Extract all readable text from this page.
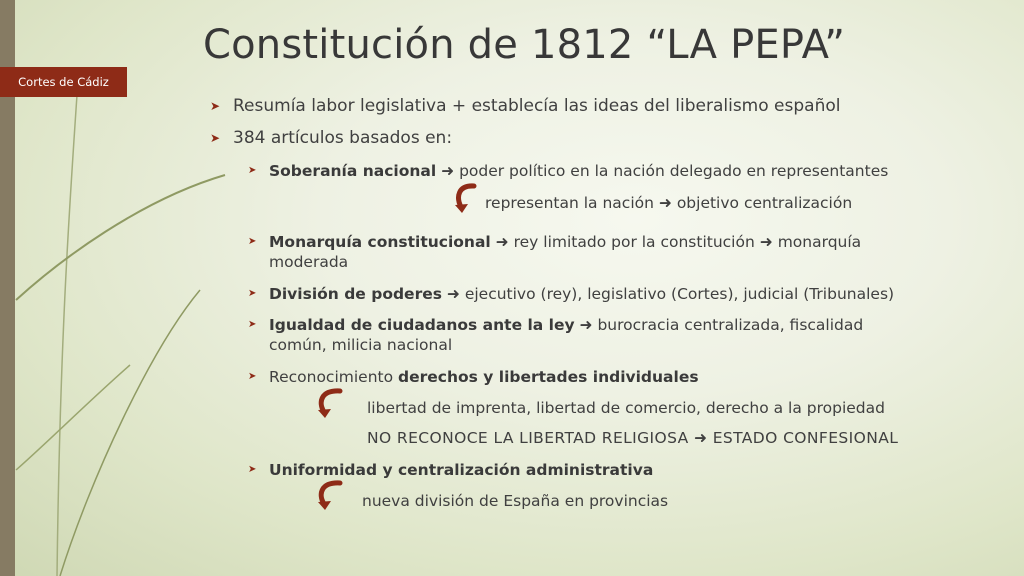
Cortes de Cádiz
Constitución de 1812 “LA PEPA”
➤ Resumía labor legislativa + establecía las ideas del liberalismo español
➤ 384 artículos basados en:
➤ Soberanía nacional ➜ poder político en la nación delegado en representantes
representan la nación ➜ objetivo centralización
➤ Monarquía constitucional ➜ rey limitado por la constitución ➜ monarquía moderada
➤ División de poderes ➜ ejecutivo (rey), legislativo (Cortes), judicial (Tribunales)
➤ Igualdad de ciudadanos ante la ley ➜ burocracia centralizada, fiscalidad común, milicia nacional
➤ Reconocimiento derechos y libertades individuales
libertad de imprenta, libertad de comercio, derecho a la propiedad
NO RECONOCE LA LIBERTAD RELIGIOSA ➜ ESTADO CONFESIONAL
➤ Uniformidad y centralización administrativa
nueva división de España en provincias
